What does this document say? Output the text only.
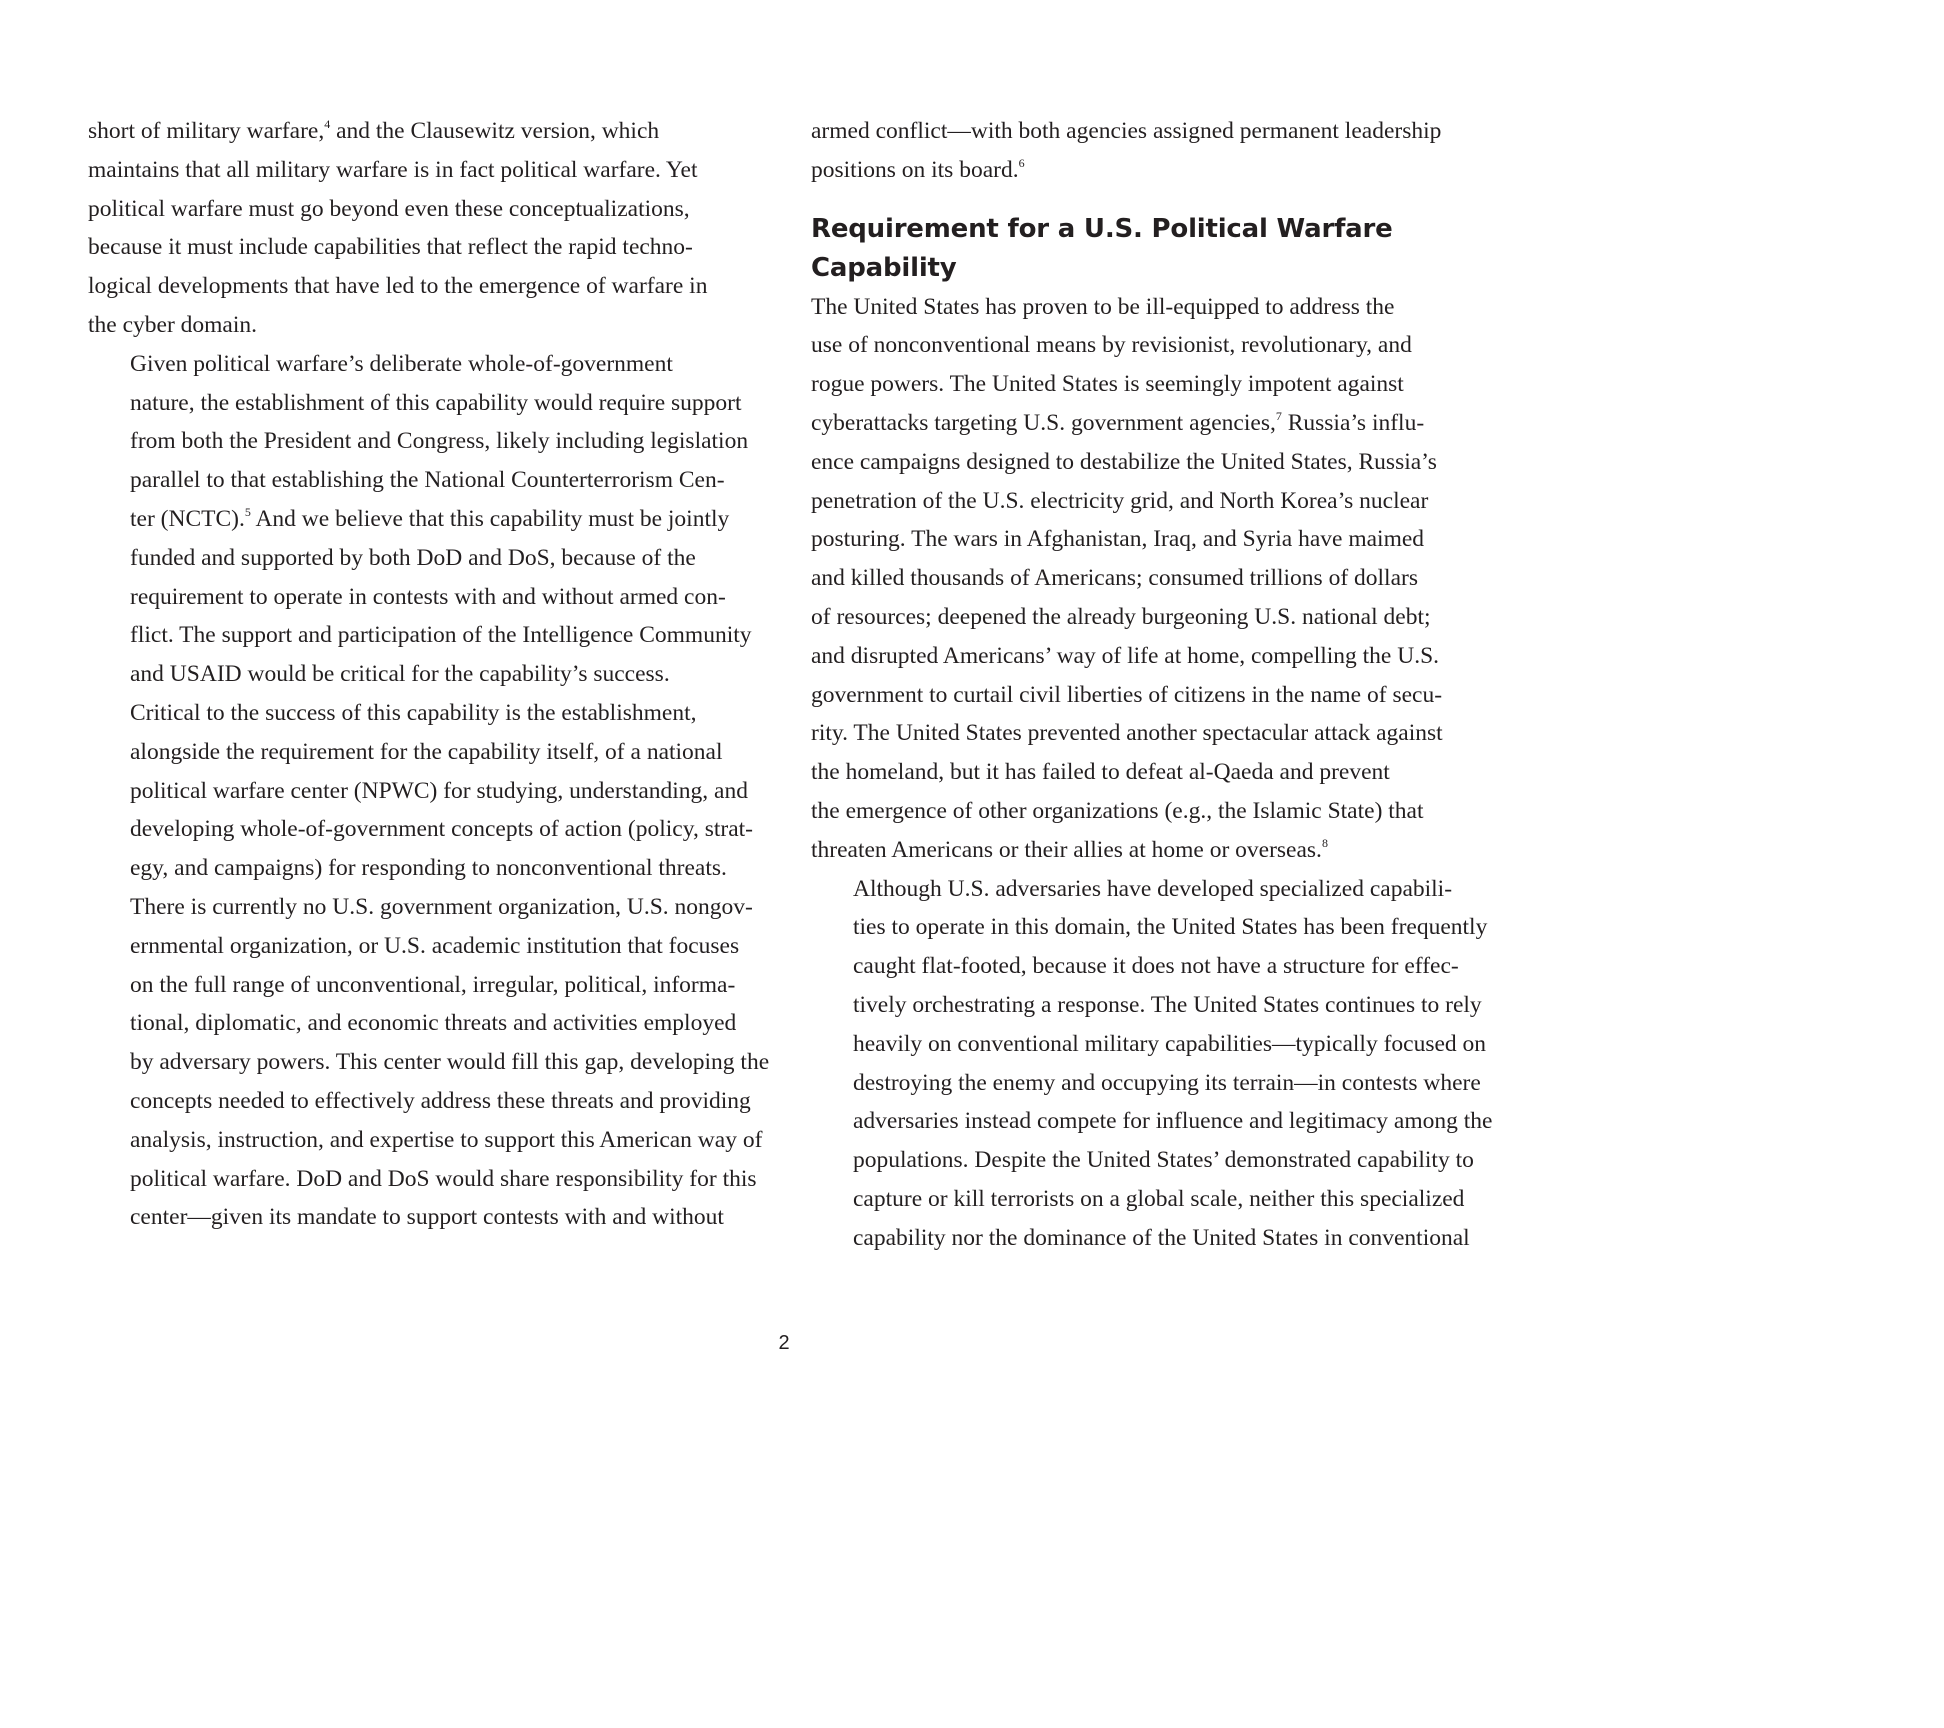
short of military warfare,$^4$ and the Clausewitz version, which
maintains that all military warfare is in fact political warfare. Yet
political warfare must go beyond even these conceptualizations,
because it must include capabilities that reflect the rapid techno-
logical developments that have led to the emergence of warfare in
the cyber domain.

Given political warfare’s deliberate whole-of-government
nature, the establishment of this capability would require support
from both the President and Congress, likely including legislation
parallel to that establishing the National Counterterrorism Cen-
ter (NCTC).$^5$ And we believe that this capability must be jointly
funded and supported by both DoD and DoS, because of the
requirement to operate in contests with and without armed con-
flict. The support and participation of the Intelligence Community
and USAID would be critical for the capability’s success.

Critical to the success of this capability is the establishment,
alongside the requirement for the capability itself, of a national
political warfare center (NPWC) for studying, understanding, and
developing whole-of-government concepts of action (policy, strat-
egy, and campaigns) for responding to nonconventional threats.
There is currently no U.S. government organization, U.S. nongov-
ernmental organization, or U.S. academic institution that focuses
on the full range of unconventional, irregular, political, informa-
tional, diplomatic, and economic threats and activities employed
by adversary powers. This center would fill this gap, developing the
concepts needed to effectively address these threats and providing
analysis, instruction, and expertise to support this American way of
political warfare. DoD and DoS would share responsibility for this
center—given its mandate to support contests with and without

armed conflict—with both agencies assigned permanent leadership
positions on its board.$^6$

Requirement for a U.S. Political Warfare
Capability

The United States has proven to be ill-equipped to address the
use of nonconventional means by revisionist, revolutionary, and
rogue powers. The United States is seemingly impotent against
cyberattacks targeting U.S. government agencies,$^7$ Russia’s influ-
ence campaigns designed to destabilize the United States, Russia’s
penetration of the U.S. electricity grid, and North Korea’s nuclear
posturing. The wars in Afghanistan, Iraq, and Syria have maimed
and killed thousands of Americans; consumed trillions of dollars
of resources; deepened the already burgeoning U.S. national debt;
and disrupted Americans’ way of life at home, compelling the U.S.
government to curtail civil liberties of citizens in the name of secu-
rity. The United States prevented another spectacular attack against
the homeland, but it has failed to defeat al-Qaeda and prevent
the emergence of other organizations (e.g., the Islamic State) that
threaten Americans or their allies at home or overseas.$^8$

Although U.S. adversaries have developed specialized capabili-
ties to operate in this domain, the United States has been frequently
caught flat-footed, because it does not have a structure for effec-
tively orchestrating a response. The United States continues to rely
heavily on conventional military capabilities—typically focused on
destroying the enemy and occupying its terrain—in contests where
adversaries instead compete for influence and legitimacy among the
populations. Despite the United States’ demonstrated capability to
capture or kill terrorists on a global scale, neither this specialized
capability nor the dominance of the United States in conventional

2
